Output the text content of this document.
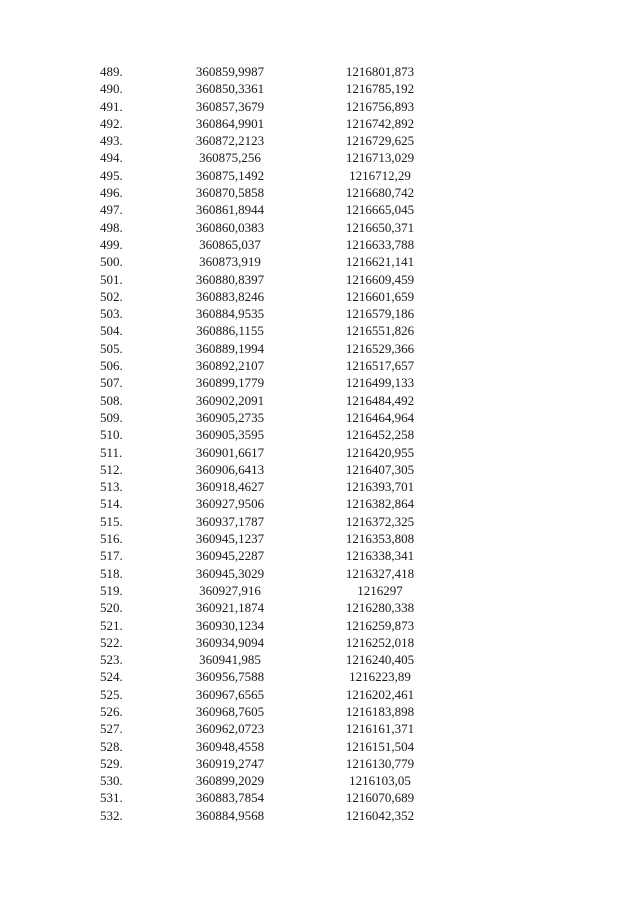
489.	360859,9987	1216801,873
490.	360850,3361	1216785,192
491.	360857,3679	1216756,893
492.	360864,9901	1216742,892
493.	360872,2123	1216729,625
494.	360875,256	1216713,029
495.	360875,1492	1216712,29
496.	360870,5858	1216680,742
497.	360861,8944	1216665,045
498.	360860,0383	1216650,371
499.	360865,037	1216633,788
500.	360873,919	1216621,141
501.	360880,8397	1216609,459
502.	360883,8246	1216601,659
503.	360884,9535	1216579,186
504.	360886,1155	1216551,826
505.	360889,1994	1216529,366
506.	360892,2107	1216517,657
507.	360899,1779	1216499,133
508.	360902,2091	1216484,492
509.	360905,2735	1216464,964
510.	360905,3595	1216452,258
511.	360901,6617	1216420,955
512.	360906,6413	1216407,305
513.	360918,4627	1216393,701
514.	360927,9506	1216382,864
515.	360937,1787	1216372,325
516.	360945,1237	1216353,808
517.	360945,2287	1216338,341
518.	360945,3029	1216327,418
519.	360927,916	1216297
520.	360921,1874	1216280,338
521.	360930,1234	1216259,873
522.	360934,9094	1216252,018
523.	360941,985	1216240,405
524.	360956,7588	1216223,89
525.	360967,6565	1216202,461
526.	360968,7605	1216183,898
527.	360962,0723	1216161,371
528.	360948,4558	1216151,504
529.	360919,2747	1216130,779
530.	360899,2029	1216103,05
531.	360883,7854	1216070,689
532.	360884,9568	1216042,352
